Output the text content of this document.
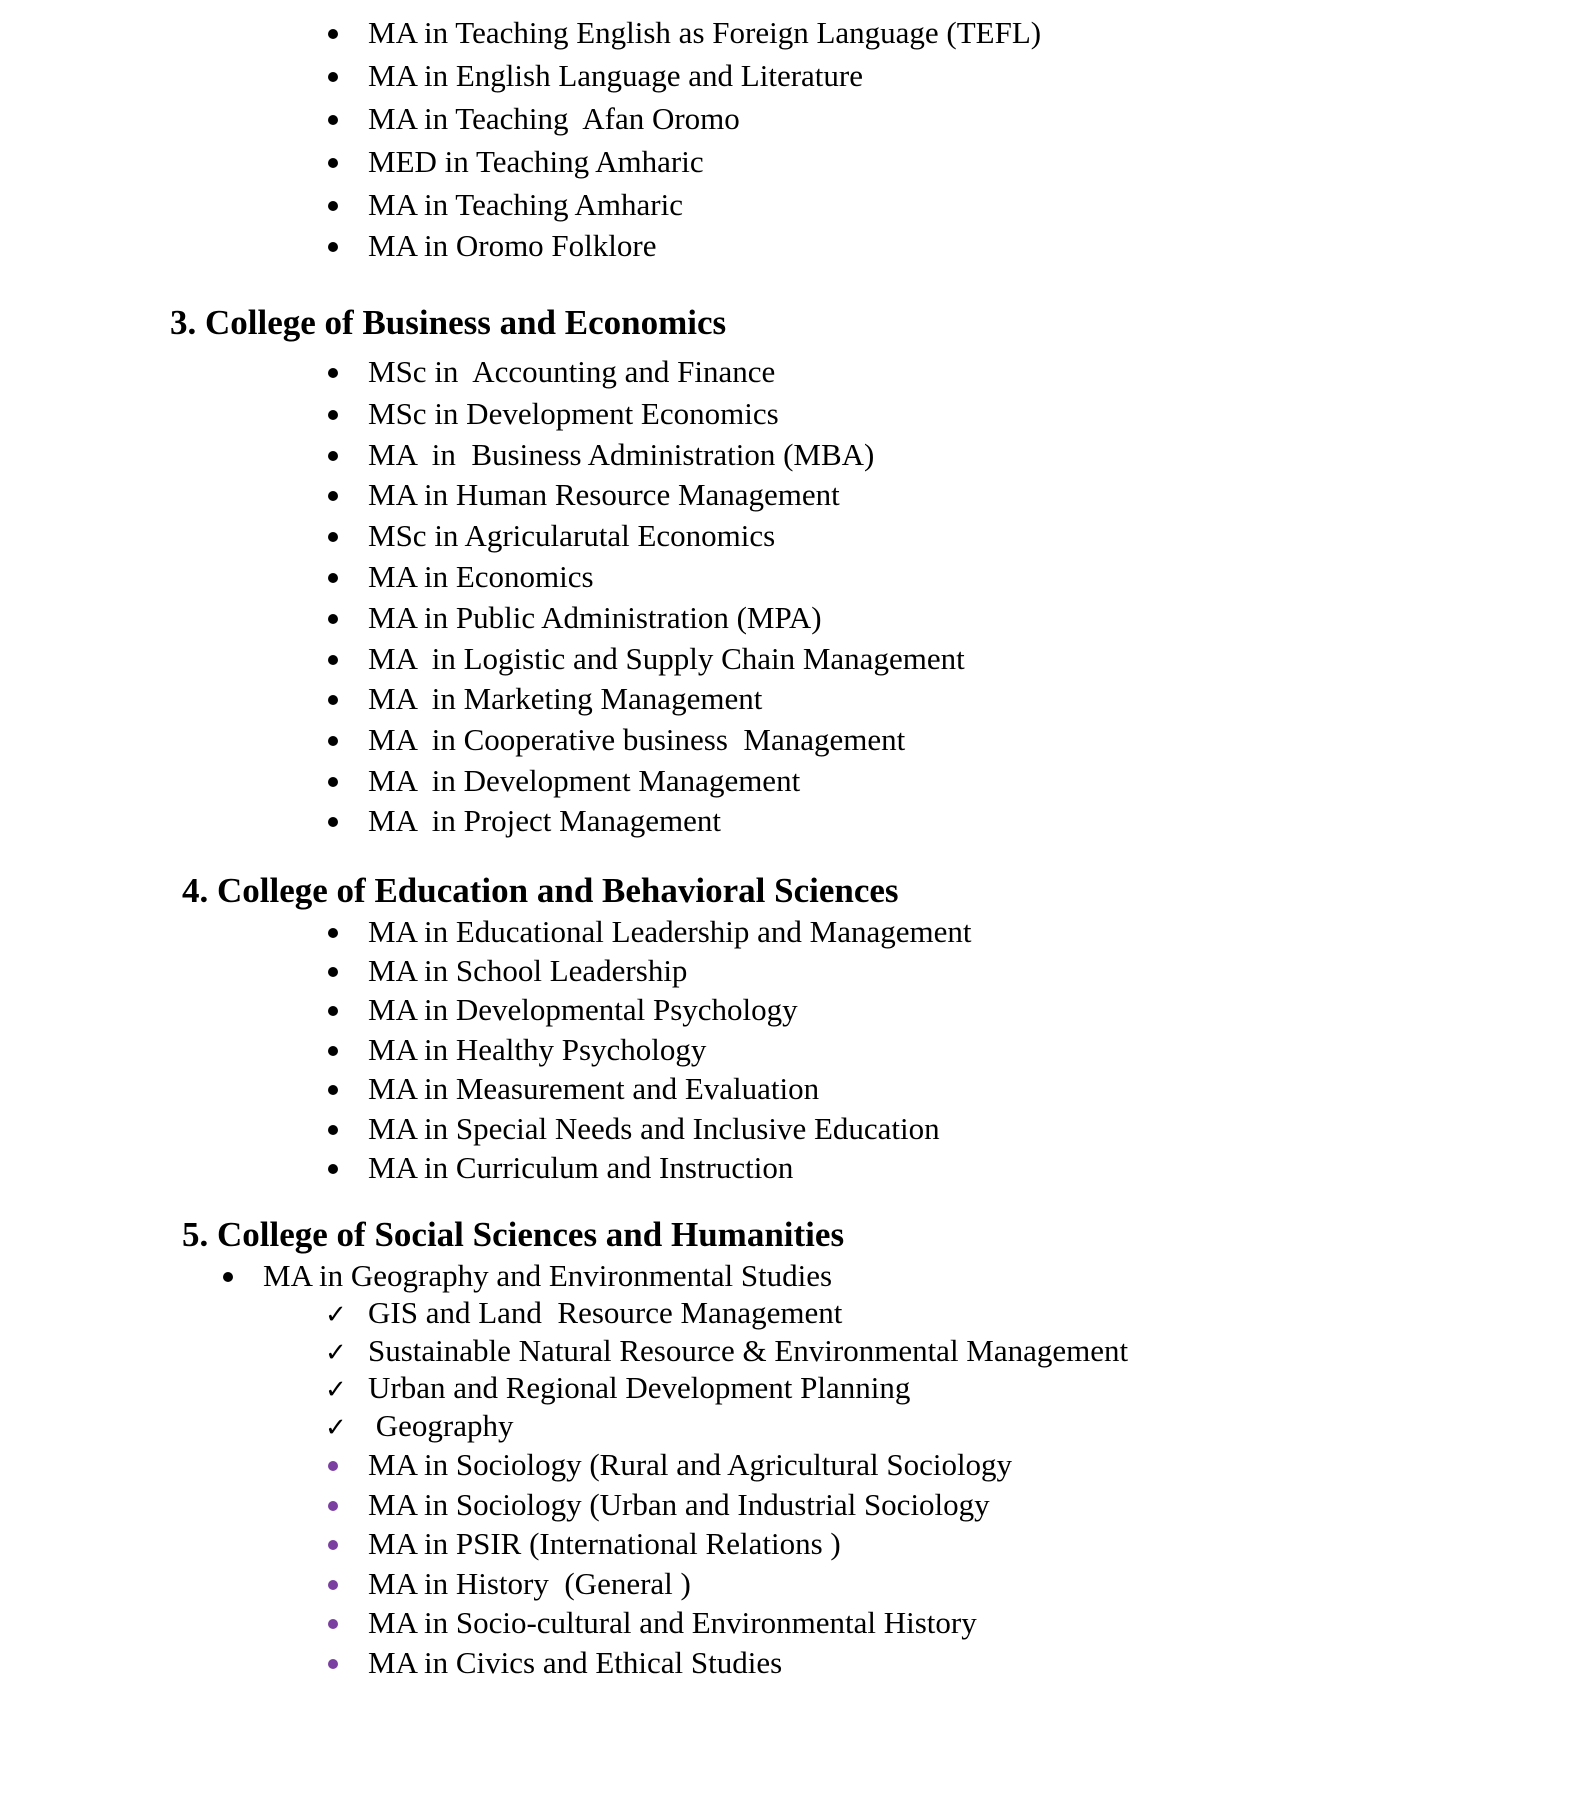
MA in Teaching English as Foreign Language (TEFL)

MA in English Language and Literature

MA in Teaching  Afan Oromo

MED in Teaching Amharic

MA in Teaching Amharic

MA in Oromo Folklore

3. College of Business and Economics

MSc in  Accounting and Finance

MSc in Development Economics

MA  in  Business Administration (MBA)

MA in Human Resource Management

MSc in Agricularutal Economics

MA in Economics

MA in Public Administration (MPA)

MA  in Logistic and Supply Chain Management

MA  in Marketing Management

MA  in Cooperative business  Management

MA  in Development Management

MA  in Project Management

4. College of Education and Behavioral Sciences

MA in Educational Leadership and Management

MA in School Leadership

MA in Developmental Psychology

MA in Healthy Psychology

MA in Measurement and Evaluation

MA in Special Needs and Inclusive Education

MA in Curriculum and Instruction

5. College of Social Sciences and Humanities

MA in Geography and Environmental Studies

✓

GIS and Land  Resource Management

✓

Sustainable Natural Resource & Environmental Management

✓

Urban and Regional Development Planning

✓

Geography

MA in Sociology (Rural and Agricultural Sociology

MA in Sociology (Urban and Industrial Sociology

MA in PSIR (International Relations )

MA in History  (General )

MA in Socio-cultural and Environmental History

MA in Civics and Ethical Studies
